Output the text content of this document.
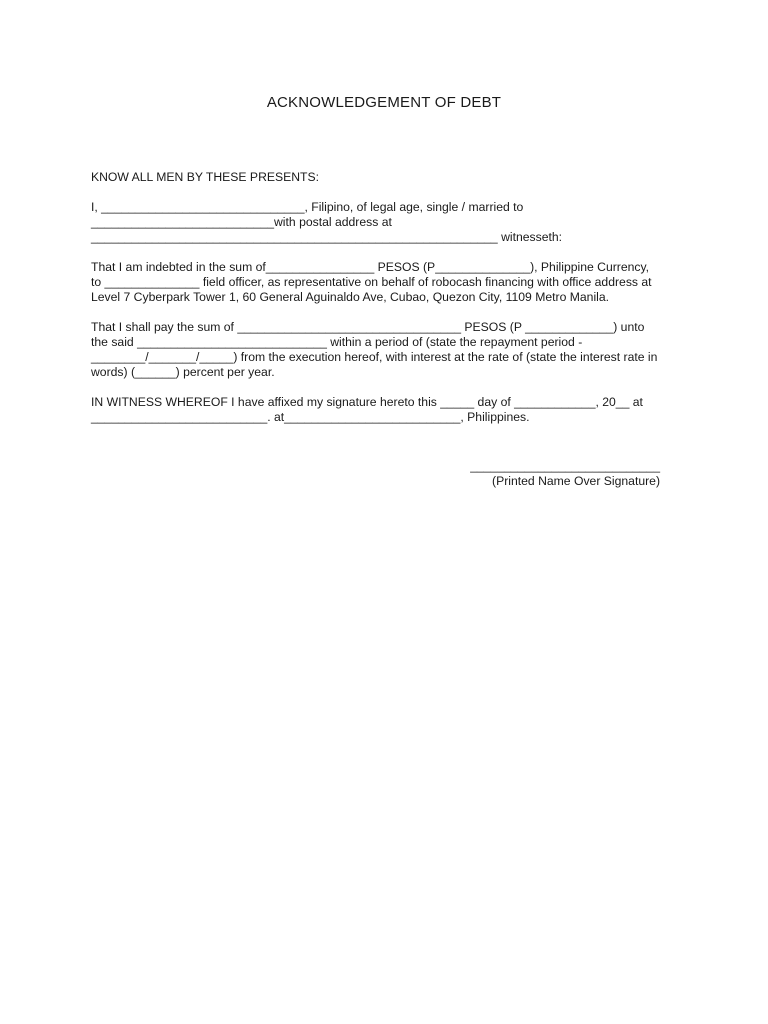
ACKNOWLEDGEMENT OF DEBT

KNOW ALL MEN BY THESE PRESENTS:

I, ______________________________, Filipino, of legal age, single / married to

___________________________with postal address at

____________________________________________________________ witnesseth:

That I am indebted in the sum of________________ PESOS (P______________), Philippine Currency,

to ______________ field officer, as representative on behalf of robocash financing with office address at

Level 7 Cyberpark Tower 1, 60 General Aguinaldo Ave, Cubao, Quezon City, 1109 Metro Manila.

That I shall pay the sum of _________________________________ PESOS (P _____________) unto

the said ____________________________ within a period of (state the repayment period -

________/_______/_____) from the execution hereof, with interest at the rate of (state the interest rate in

words) (______) percent per year.

IN WITNESS WHEREOF I have affixed my signature hereto this _____ day of ____________, 20__ at

__________________________. at__________________________, Philippines.

____________________________
(Printed Name Over Signature)
